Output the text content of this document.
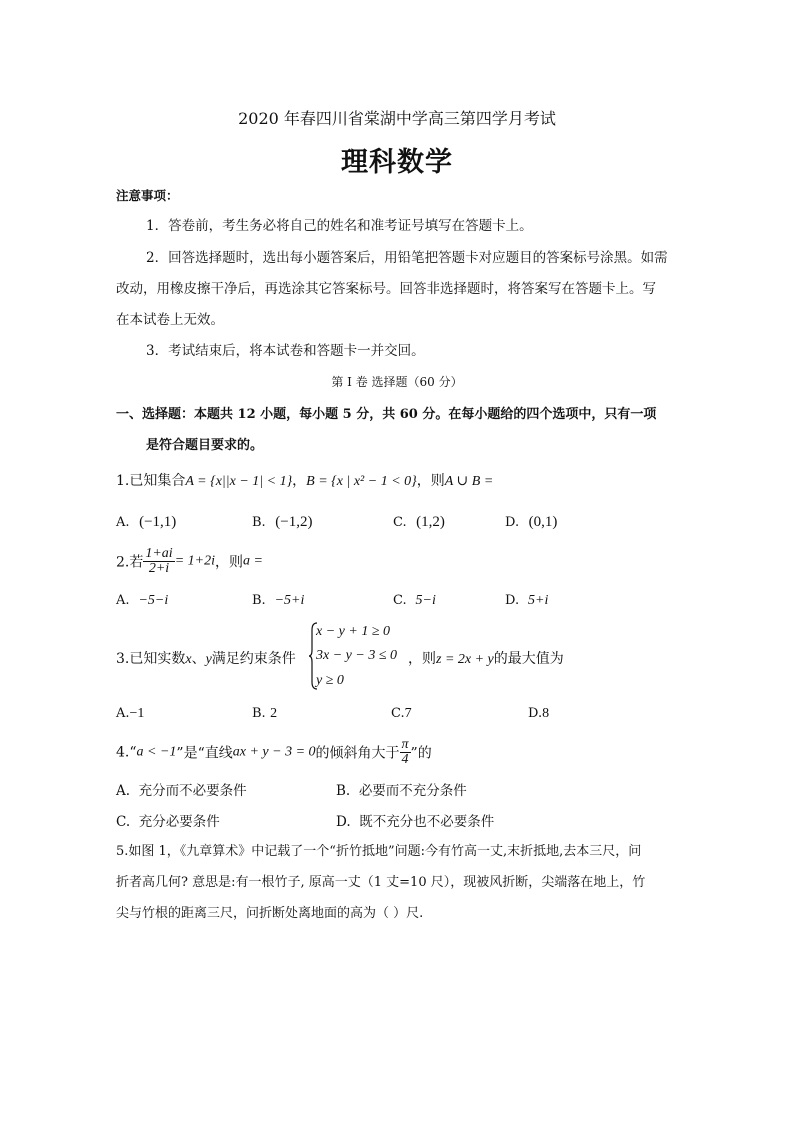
2020 年春四川省棠湖中学高三第四学月考试
理科数学
注意事项：
1．答卷前，考生务必将自己的姓名和准考证号填写在答题卡上。
2．回答选择题时，选出每小题答案后，用铅笔把答题卡对应题目的答案标号涂黑。如需
改动，用橡皮擦干净后，再选涂其它答案标号。回答非选择题时，将答案写在答题卡上。写
在本试卷上无效。
3．考试结束后，将本试卷和答题卡一并交回。
第 I 卷 选择题（60 分）
一、选择题：本题共 12 小题，每小题 5 分，共 60 分。在每小题给的四个选项中，只有一项
是符合题目要求的。
1.已知集合A = {x||x − 1| < 1}，B = {x | x² − 1 < 0}，则A ∪ B =
A. (−1,1)	B. (−1,2)	C. (1,2)	D. (0,1)
2.若 $\frac{1+ai}{2+i} = 1+2i$，则a =
A. −5−i	B. −5+i	C. 5−i	D. 5+i
3.已知实数x、y满足约束条件
x − y + 1 ≥ 0
3x − y − 3 ≤ 0
y ≥ 0
，则z = 2x + y的最大值为
A.−1	B. 2	C.7	D.8
4.“a < −1”是“直线ax + y − 3 = 0的倾斜角大于 $\frac{\pi}{4}$ ”的
A. 充分而不必要条件	B. 必要而不充分条件
C. 充分必要条件	D. 既不充分也不必要条件
5.如图 1，《九章算术》中记载了一个“折竹抵地”问题:今有竹高一丈,末折抵地,去本三尺，问
折者高几何? 意思是:有一根竹子, 原高一丈（1 丈=10 尺），现被风折断，尖端落在地上，竹
尖与竹根的距离三尺，问折断处离地面的高为（ ）尺.
